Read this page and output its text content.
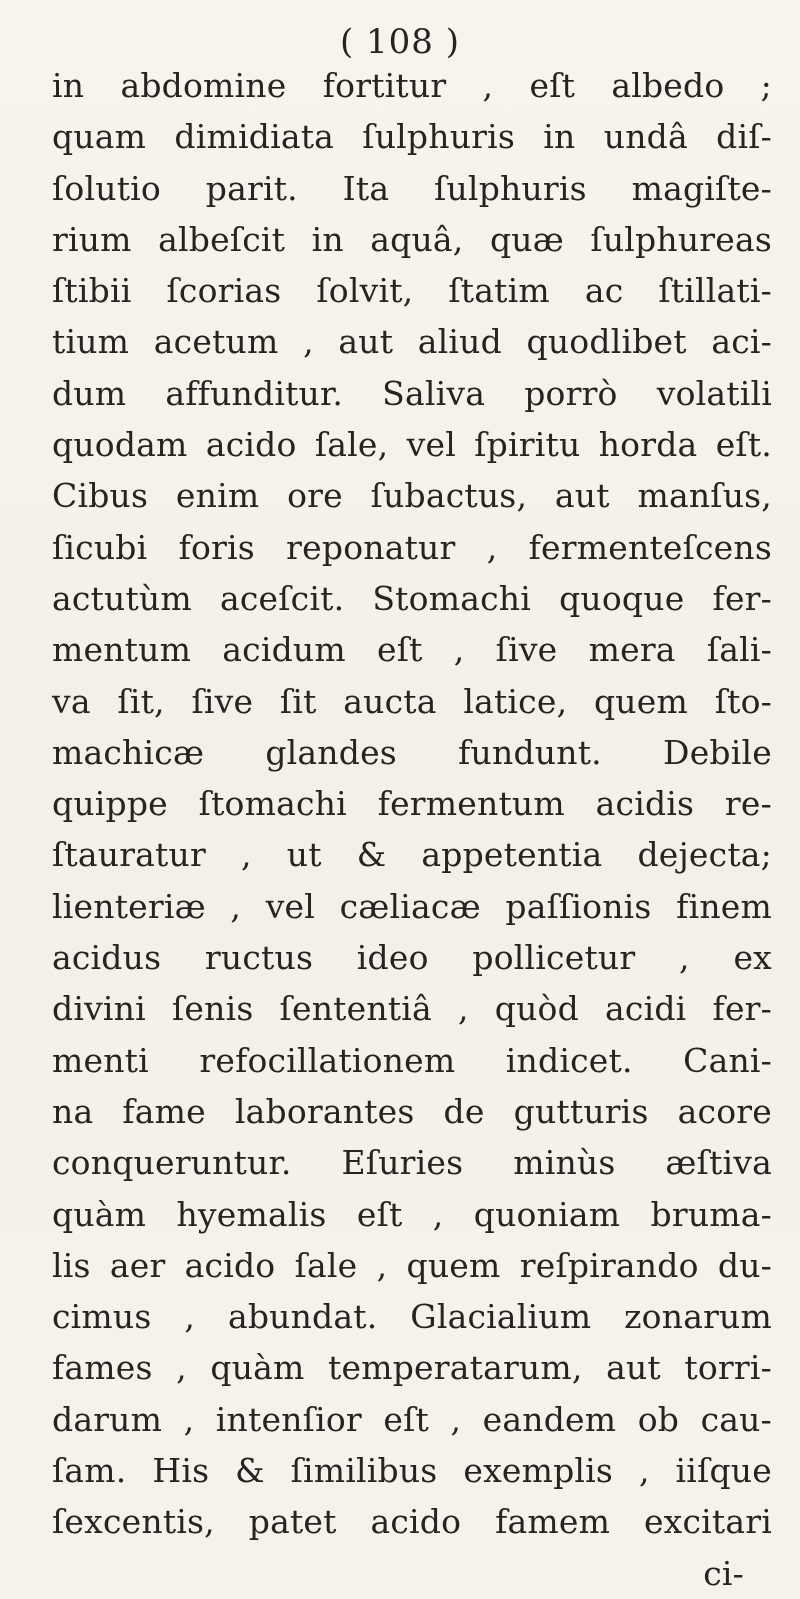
( 108 )
in abdomine fortitur , eſt albedo ;
quam dimidiata ſulphuris in undâ diſ-
ſolutio parit. Ita ſulphuris magiſte-
rium albeſcit in aquâ, quæ ſulphureas
ſtibii ſcorias ſolvit, ſtatim ac ſtillati-
tium acetum , aut aliud quodlibet aci-
dum affunditur. Saliva porrò volatili
quodam acido ſale, vel ſpiritu horda eſt.
Cibus enim ore ſubactus, aut manſus,
ſicubi foris reponatur , fermenteſcens
actutùm aceſcit. Stomachi quoque fer-
mentum acidum eſt , ſive mera ſali-
va ſit, ſive ſit aucta latice, quem ſto-
machicæ glandes fundunt. Debile
quippe ſtomachi fermentum acidis re-
ſtauratur , ut & appetentia dejecta;
lienteriæ , vel cæliacæ paſſionis finem
acidus ructus ideo pollicetur , ex
divini ſenis ſententiâ , quòd acidi fer-
menti refocillationem indicet. Cani-
na fame laborantes de gutturis acore
conqueruntur. Eſuries minùs æſtiva
quàm hyemalis eſt , quoniam bruma-
lis aer acido ſale , quem reſpirando du-
cimus , abundat. Glacialium zonarum
fames , quàm temperatarum, aut torri-
darum , intenſior eſt , eandem ob cau-
ſam. His & ſimilibus exemplis , iiſque
ſexcentis, patet acido famem excitari
ci-
